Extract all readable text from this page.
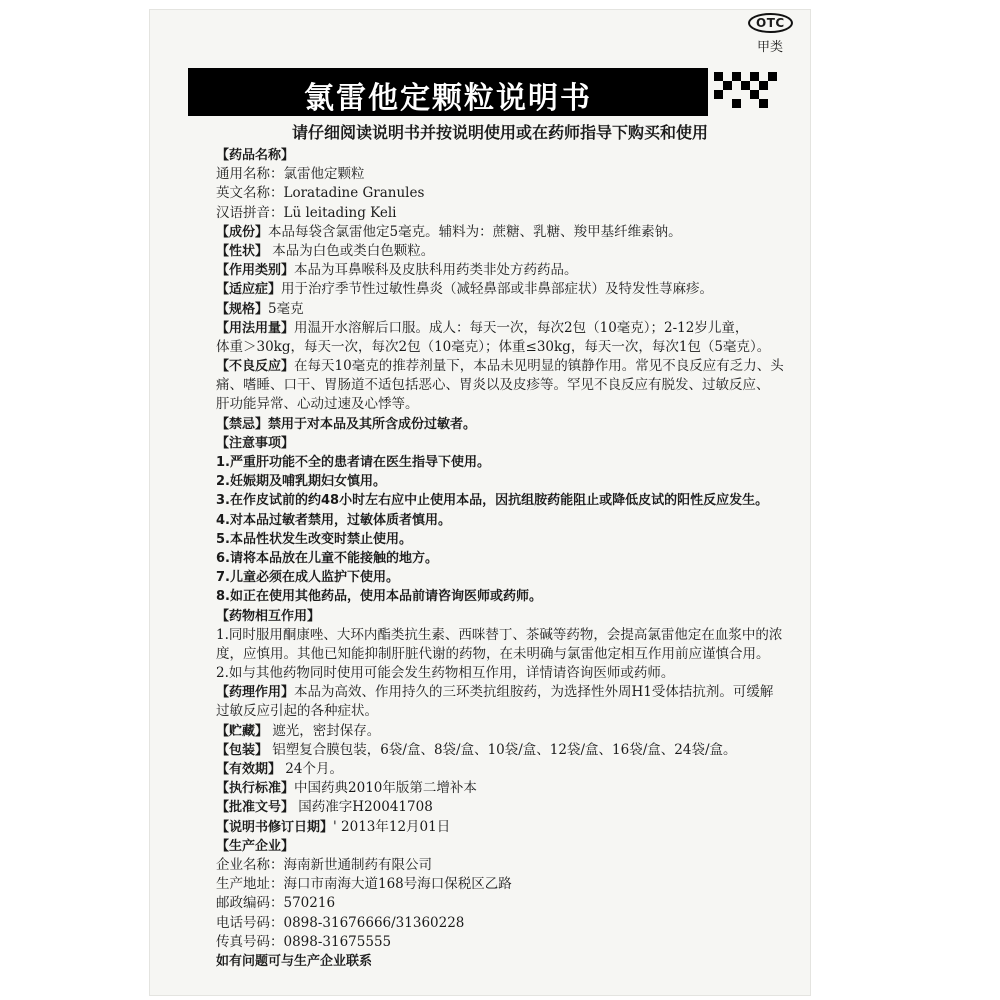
OTC
甲类
氯雷他定颗粒说明书
请仔细阅读说明书并按说明使用或在药师指导下购买和使用
【药品名称】
通用名称：氯雷他定颗粒
英文名称：Loratadine Granules
汉语拼音：Lü leitading Keli
【成份】本品每袋含氯雷他定5毫克。辅料为：蔗糖、乳糖、羧甲基纤维素钠。
【性状】 本品为白色或类白色颗粒。
【作用类别】本品为耳鼻喉科及皮肤科用药类非处方药药品。
【适应症】用于治疗季节性过敏性鼻炎（减轻鼻部或非鼻部症状）及特发性荨麻疹。
【规格】5毫克
【用法用量】用温开水溶解后口服。成人：每天一次，每次2包（10毫克）；2-12岁儿童，
体重＞30kg，每天一次，每次2包（10毫克）；体重≤30kg，每天一次，每次1包（5毫克）。
【不良反应】在每天10毫克的推荐剂量下，本品未见明显的镇静作用。常见不良反应有乏力、头
痛、嗜睡、口干、胃肠道不适包括恶心、胃炎以及皮疹等。罕见不良反应有脱发、过敏反应、
肝功能异常、心动过速及心悸等。
【禁忌】禁用于对本品及其所含成份过敏者。
【注意事项】
1.严重肝功能不全的患者请在医生指导下使用。
2.妊娠期及哺乳期妇女慎用。
3.在作皮试前的约48小时左右应中止使用本品，因抗组胺药能阻止或降低皮试的阳性反应发生。
4.对本品过敏者禁用，过敏体质者慎用。
5.本品性状发生改变时禁止使用。
6.请将本品放在儿童不能接触的地方。
7.儿童必须在成人监护下使用。
8.如正在使用其他药品，使用本品前请咨询医师或药师。
【药物相互作用】
1.同时服用酮康唑、大环内酯类抗生素、西咪替丁、茶碱等药物，会提高氯雷他定在血浆中的浓
度，应慎用。其他已知能抑制肝脏代谢的药物，在未明确与氯雷他定相互作用前应谨慎合用。
2.如与其他药物同时使用可能会发生药物相互作用，详情请咨询医师或药师。
【药理作用】本品为高效、作用持久的三环类抗组胺药，为选择性外周H1受体拮抗剂。可缓解
过敏反应引起的各种症状。
【贮藏】 遮光，密封保存。
【包装】 铝塑复合膜包装，6袋/盒、8袋/盒、10袋/盒、12袋/盒、16袋/盒、24袋/盒。
【有效期】 24个月。
【执行标准】中国药典2010年版第二增补本
【批准文号】 国药准字H20041708
【说明书修订日期】' 2013年12月01日
【生产企业】
企业名称：海南新世通制药有限公司
生产地址：海口市南海大道168号海口保税区乙路
邮政编码：570216
电话号码：0898-31676666/31360228
传真号码：0898-31675555
如有问题可与生产企业联系
